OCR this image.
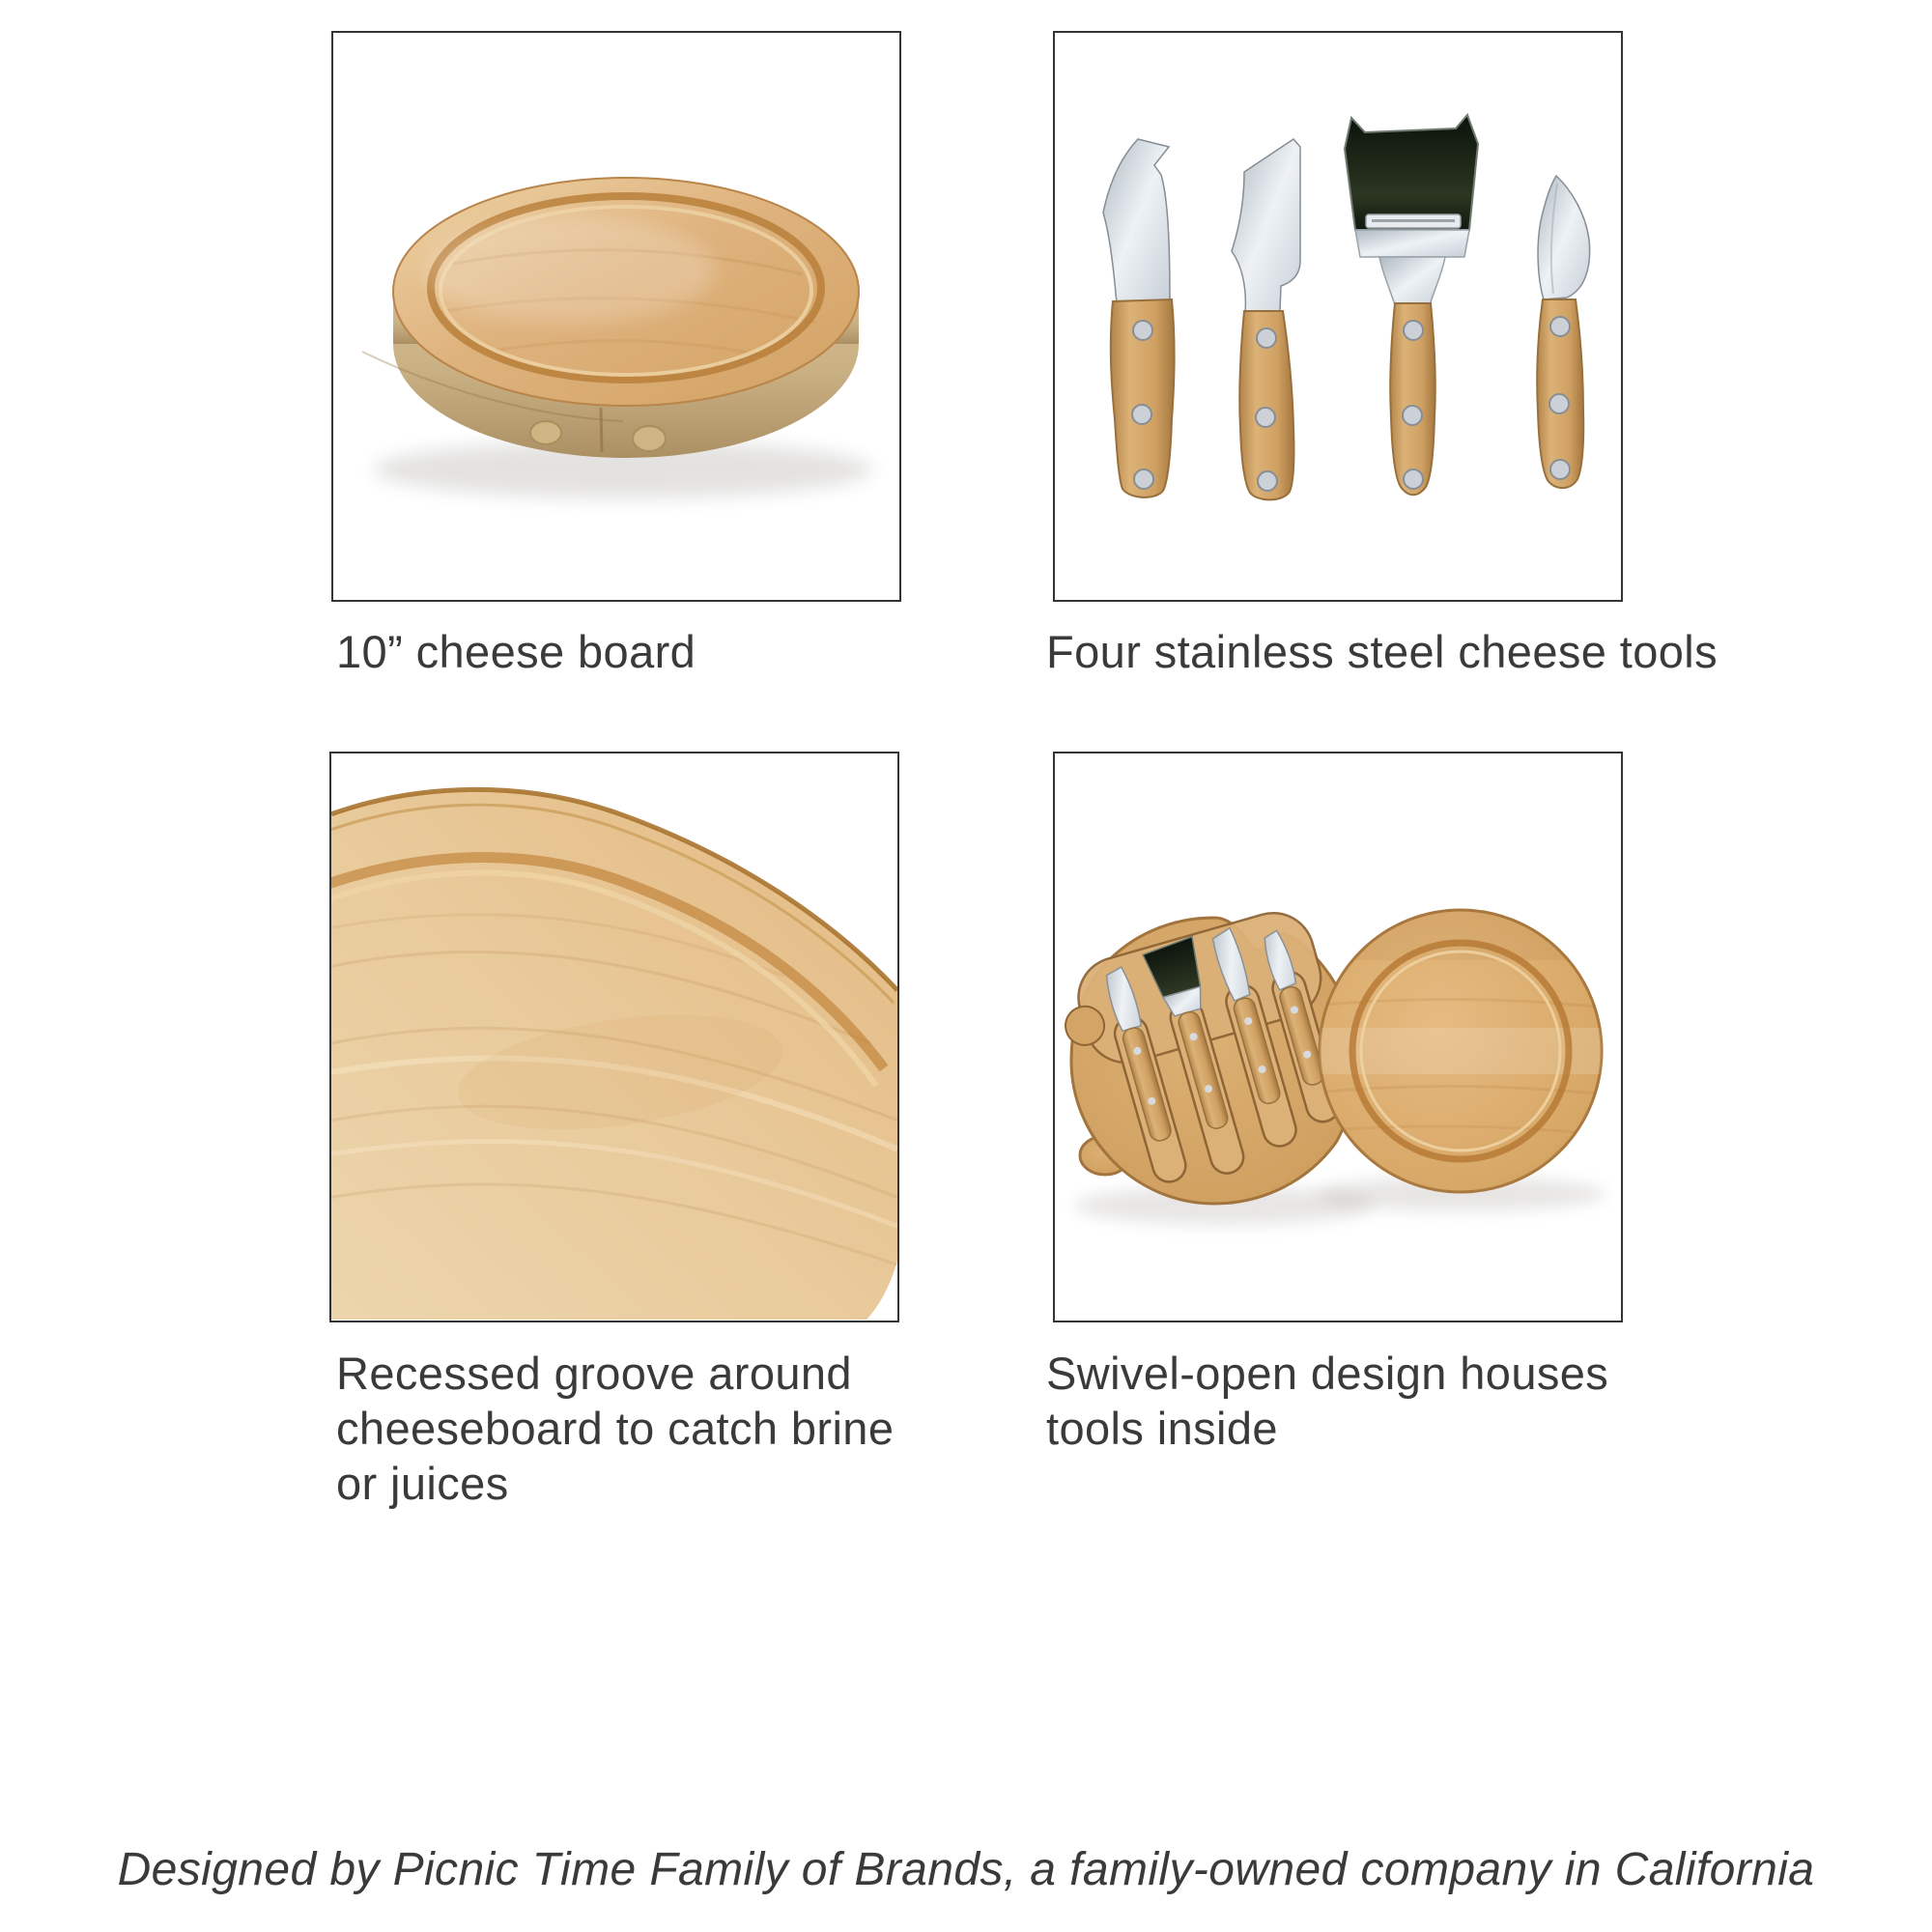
10” cheese board	Four stainless steel cheese tools
Recessed groove around
cheeseboard to catch brine
or juices
Swivel-open design houses
tools inside
Designed by Picnic Time Family of Brands, a family-owned company in California
